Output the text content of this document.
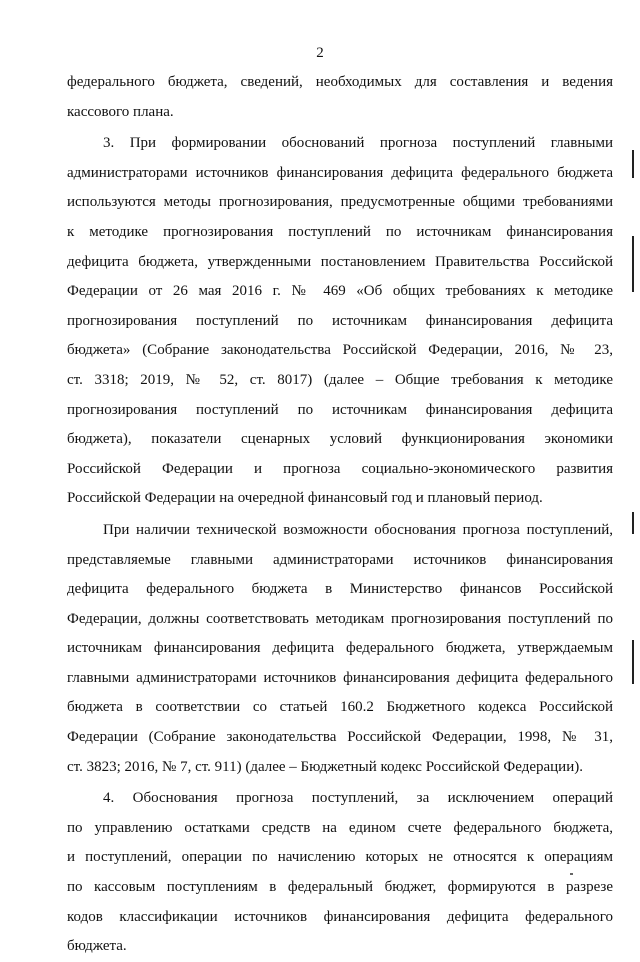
2
федерального бюджета, сведений, необходимых для составления и ведения
кассового плана.
3. При формировании обоснований прогноза поступлений главными
администраторами источников финансирования дефицита федерального бюджета
используются методы прогнозирования, предусмотренные общими требованиями
к методике прогнозирования поступлений по источникам финансирования
дефицита бюджета, утвержденными постановлением Правительства Российской
Федерации от 26 мая 2016 г. № 469 «Об общих требованиях к методике
прогнозирования поступлений по источникам финансирования дефицита
бюджета» (Собрание законодательства Российской Федерации, 2016, № 23,
ст. 3318; 2019, № 52, ст. 8017) (далее – Общие требования к методике
прогнозирования поступлений по источникам финансирования дефицита
бюджета), показатели сценарных условий функционирования экономики
Российской Федерации и прогноза социально-экономического развития
Российской Федерации на очередной финансовый год и плановый период.
При наличии технической возможности обоснования прогноза поступлений,
представляемые главными администраторами источников финансирования
дефицита федерального бюджета в Министерство финансов Российской
Федерации, должны соответствовать методикам прогнозирования поступлений по
источникам финансирования дефицита федерального бюджета, утверждаемым
главными администраторами источников финансирования дефицита федерального
бюджета в соответствии со статьей 160.2 Бюджетного кодекса Российской
Федерации (Собрание законодательства Российской Федерации, 1998, № 31,
ст. 3823; 2016, № 7, ст. 911) (далее – Бюджетный кодекс Российской Федерации).
4. Обоснования прогноза поступлений, за исключением операций
по управлению остатками средств на едином счете федерального бюджета,
и поступлений, операции по начислению которых не относятся к операциям
по кассовым поступлениям в федеральный бюджет, формируются в разрезе
кодов классификации источников финансирования дефицита федерального
бюджета.
